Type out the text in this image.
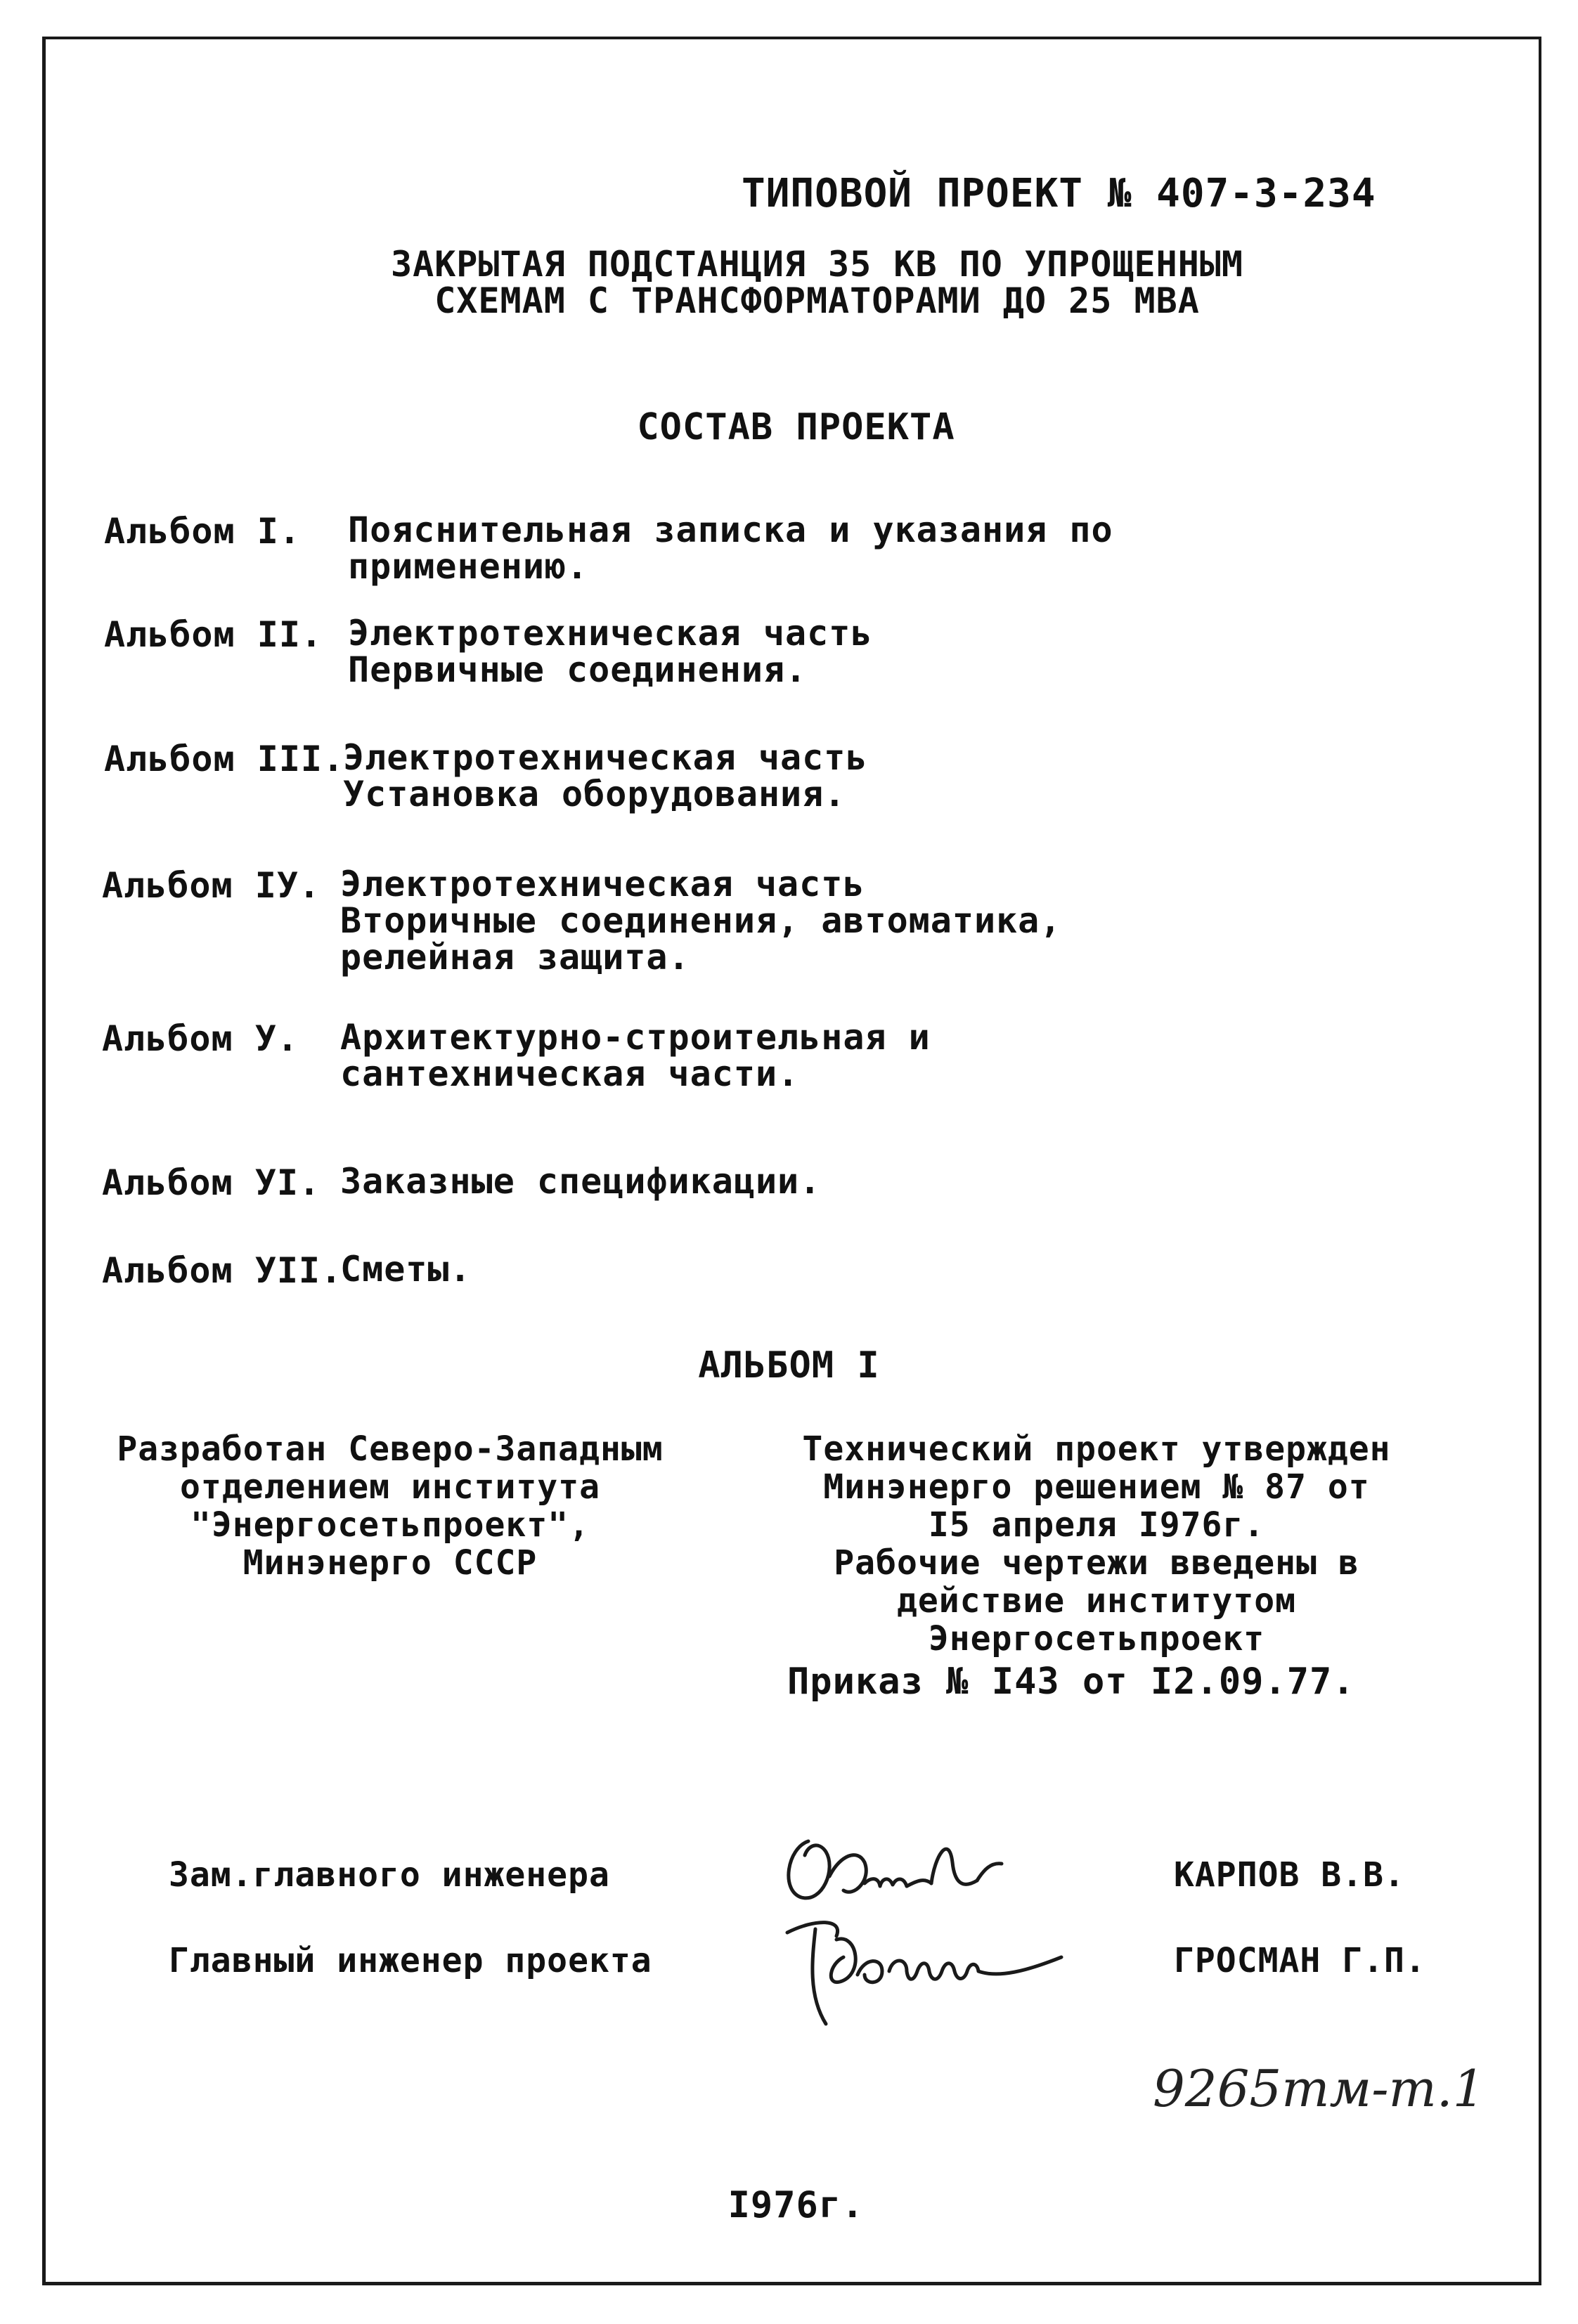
ТИПОВОЙ ПРОЕКТ № 407-3-234
ЗАКРЫТАЯ ПОДСТАНЦИЯ 35 КВ ПО УПРОЩЕННЫМ
СХЕМАМ С ТРАНСФОРМАТОРАМИ ДО 25 МВА
СОСТАВ ПРОЕКТА
Альбом I. Пояснительная записка и указания по
применению.
Альбом II. Электротехническая часть
Первичные соединения.
Альбом III.
Электротехническая часть
Установка оборудования.
Альбом IУ. Электротехническая часть
Вторичные соединения, автоматика,
релейная защита.
Альбом У. Архитектурно-строительная и
сантехническая части.
Альбом УI. Заказные спецификации.
Альбом УII.
Сметы.
АЛЬБОМ I
Разработан Северо-Западным
отделением института
"Энергосетьпроект",
Минэнерго СССР
Технический проект утвержден
Минэнерго решением № 87 от
I5 апреля I976г.
Рабочие чертежи введены в
действие институтом
Энергосетьпроект
Приказ № I43 от I2.09.77.
Зам.главного инженера	КАРПОВ В.В.
Главный инженер проекта	ГРОСМАН Г.П.
9265тм-т.1
I976г.
